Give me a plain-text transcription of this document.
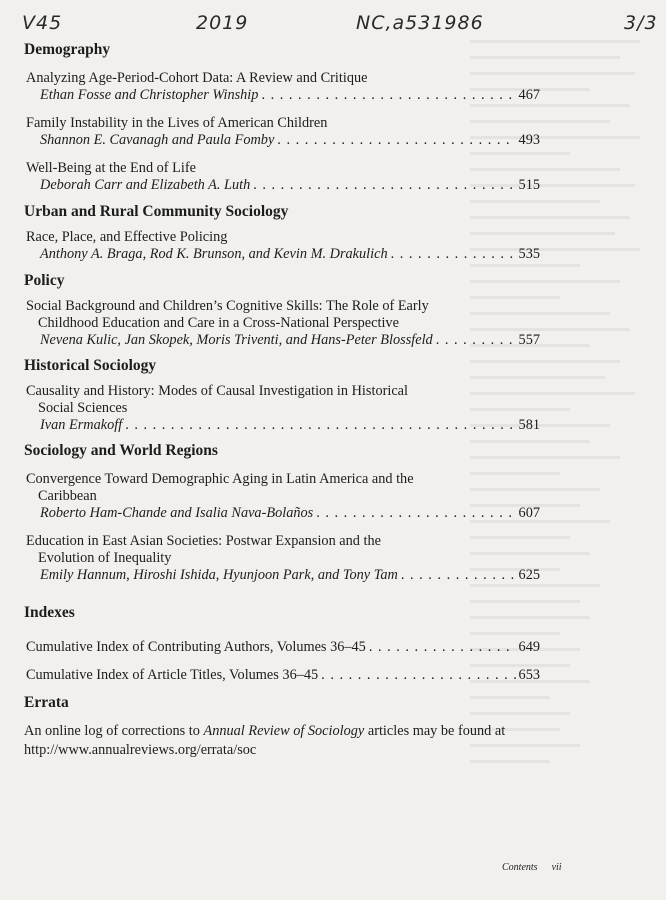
V45	2019	NC,a531986	3/3
Demography
Analyzing Age-Period-Cohort Data: A Review and Critique
Ethan Fosse and Christopher Winship . . .	467
Family Instability in the Lives of American Children
Shannon E. Cavanagh and Paula Fomby . . .	493
Well-Being at the End of Life
Deborah Carr and Elizabeth A. Luth . . .	515
Urban and Rural Community Sociology
Race, Place, and Effective Policing
Anthony A. Braga, Rod K. Brunson, and Kevin M. Drakulich . . .	535
Policy
Social Background and Children’s Cognitive Skills: The Role of Early
Childhood Education and Care in a Cross-National Perspective
Nevena Kulic, Jan Skopek, Moris Triventi, and Hans-Peter Blossfeld . . .	557
Historical Sociology
Causality and History: Modes of Causal Investigation in Historical
Social Sciences
Ivan Ermakoff . . .	581
Sociology and World Regions
Convergence Toward Demographic Aging in Latin America and the
Caribbean
Roberto Ham-Chande and Isalia Nava-Bolaños . . .	607
Education in East Asian Societies: Postwar Expansion and the
Evolution of Inequality
Emily Hannum, Hiroshi Ishida, Hyunjoon Park, and Tony Tam . . .	625
Indexes
Cumulative Index of Contributing Authors, Volumes 36–45 . . .	649
Cumulative Index of Article Titles, Volumes 36–45 . . .	653
Errata
An online log of corrections to Annual Review of Sociology articles may be found at
http://www.annualreviews.org/errata/soc
Contents vii
